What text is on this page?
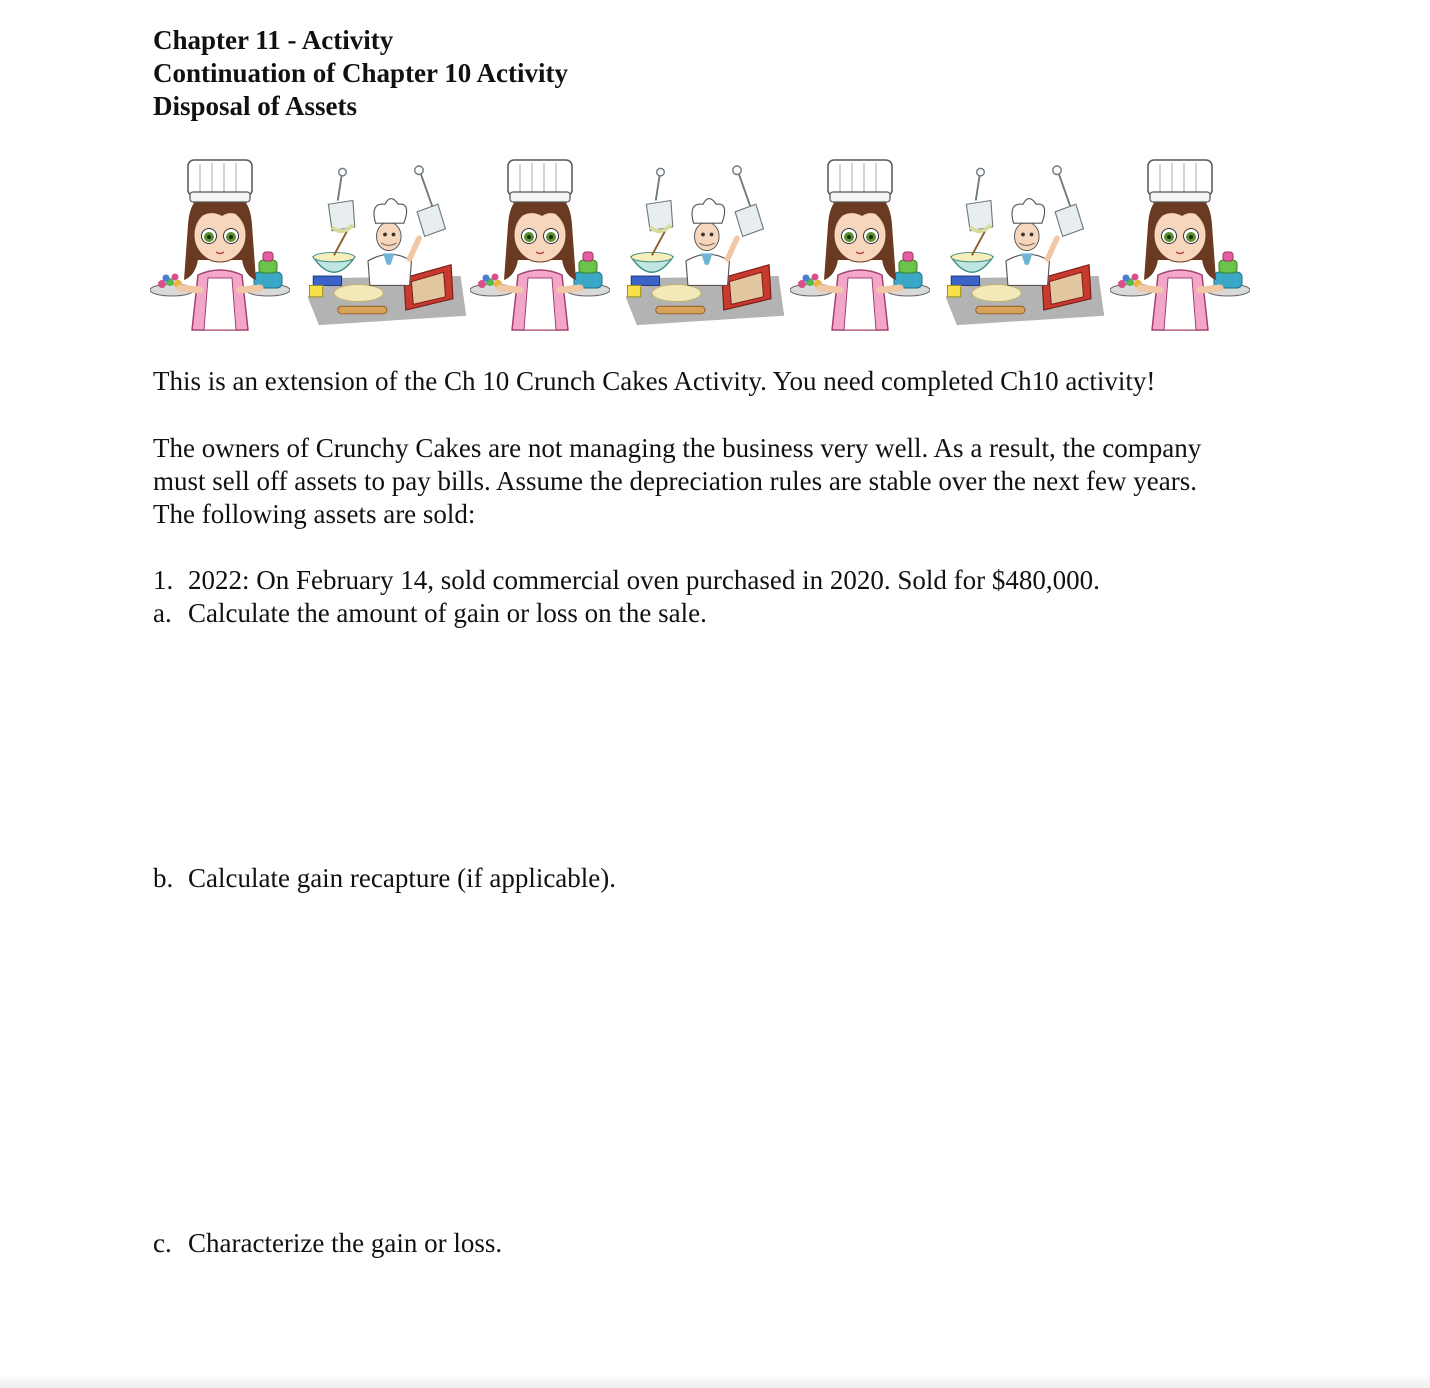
Chapter 11 - Activity
Continuation of Chapter 10 Activity
Disposal of Assets
This is an extension of the Ch 10 Crunch Cakes Activity. You need completed Ch10 activity!
The owners of Crunchy Cakes are not managing the business very well. As a result, the company
must sell off assets to pay bills. Assume the depreciation rules are stable over the next few years.
The following assets are sold:
1. 2022: On February 14, sold commercial oven purchased in 2020. Sold for $480,000.
a. Calculate the amount of gain or loss on the sale.
b. Calculate gain recapture (if applicable).
c. Characterize the gain or loss.
